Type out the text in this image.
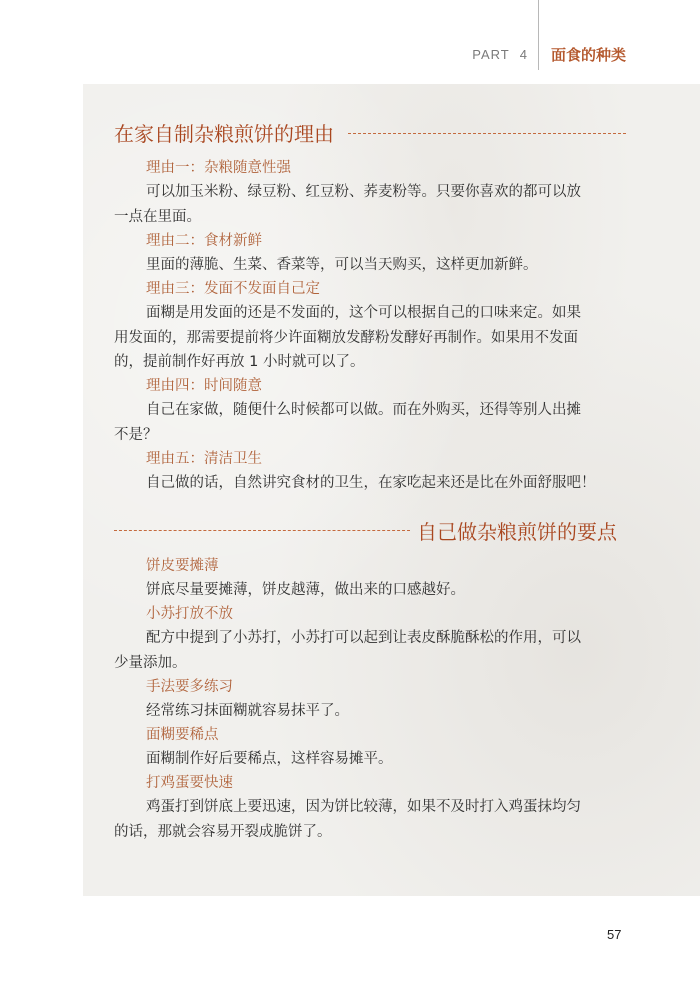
PART 4 面食的种类
在家自制杂粮煎饼的理由
理由一：杂粮随意性强
可以加玉米粉、绿豆粉、红豆粉、荞麦粉等。只要你喜欢的都可以放
一点在里面。
理由二：食材新鲜
里面的薄脆、生菜、香菜等，可以当天购买，这样更加新鲜。
理由三：发面不发面自己定
面糊是用发面的还是不发面的，这个可以根据自己的口味来定。如果
用发面的，那需要提前将少许面糊放发酵粉发酵好再制作。如果用不发面
的，提前制作好再放 1 小时就可以了。
理由四：时间随意
自己在家做，随便什么时候都可以做。而在外购买，还得等别人出摊
不是？
理由五：清洁卫生
自己做的话，自然讲究食材的卫生，在家吃起来还是比在外面舒服吧！
自己做杂粮煎饼的要点
饼皮要摊薄
饼底尽量要摊薄，饼皮越薄，做出来的口感越好。
小苏打放不放
配方中提到了小苏打，小苏打可以起到让表皮酥脆酥松的作用，可以
少量添加。
手法要多练习
经常练习抹面糊就容易抹平了。
面糊要稀点
面糊制作好后要稀点，这样容易摊平。
打鸡蛋要快速
鸡蛋打到饼底上要迅速，因为饼比较薄，如果不及时打入鸡蛋抹均匀
的话，那就会容易开裂成脆饼了。
57
